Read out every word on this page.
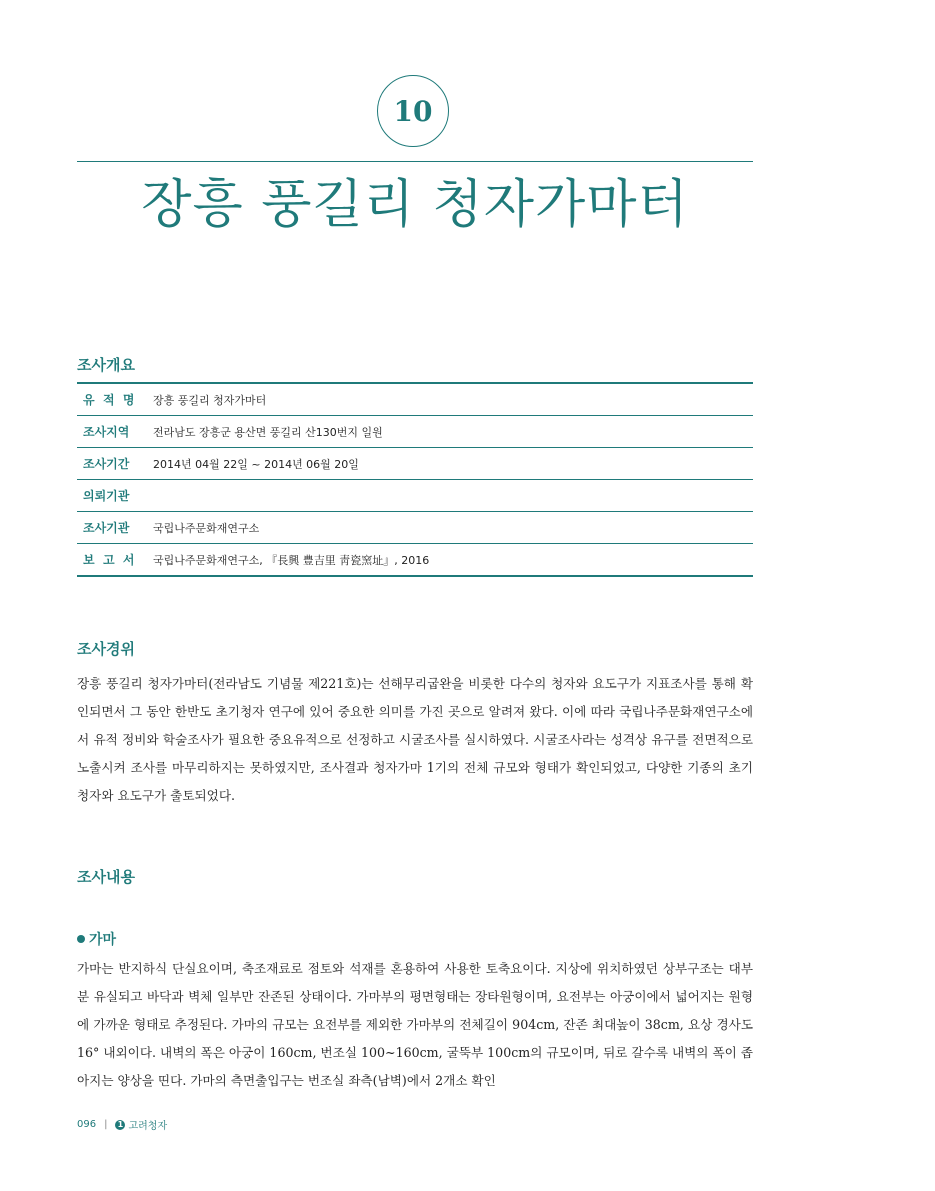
10
장흥 풍길리 청자가마터
조사개요
유  적  명	장흥 풍길리 청자가마터
조사지역	전라남도 장흥군 용산면 풍길리 산130번지 일원
조사기간	2014년 04월 22일 ~ 2014년 06월 20일
의뢰기관
조사기관	국립나주문화재연구소
보  고  서	국립나주문화재연구소, 『長興 豊吉里 靑瓷窯址』, 2016
조사경위

장흥 풍길리 청자가마터(전라남도 기념물 제221호)는 선해무리굽완을 비롯한 다수의 청자와 요도구가 지표조사를 통해 확인되면서 그 동안 한반도 초기청자 연구에 있어 중요한 의미를 가진 곳으로 알려져 왔다. 이에 따라 국립나주문화재연구소에서 유적 정비와 학술조사가 필요한 중요유적으로 선정하고 시굴조사를 실시하였다. 시굴조사라는 성격상 유구를 전면적으로 노출시켜 조사를 마무리하지는 못하였지만, 조사결과 청자가마 1기의 전체 규모와 형태가 확인되었고, 다양한 기종의 초기청자와 요도구가 출토되었다.

조사내용
가마

가마는 반지하식 단실요이며, 축조재료로 점토와 석재를 혼용하여 사용한 토축요이다. 지상에 위치하였던 상부구조는 대부분 유실되고 바닥과 벽체 일부만 잔존된 상태이다. 가마부의 평면형태는 장타원형이며, 요전부는 아궁이에서 넓어지는 원형에 가까운 형태로 추정된다. 가마의 규모는 요전부를 제외한 가마부의 전체길이 904cm, 잔존 최대높이 38cm, 요상 경사도 16° 내외이다. 내벽의 폭은 아궁이 160cm, 번조실 100~160cm, 굴뚝부 100cm의 규모이며, 뒤로 갈수록 내벽의 폭이 좁아지는 양상을 띤다. 가마의 측면출입구는 번조실 좌측(남벽)에서 2개소 확인

096 | 1 고려청자
